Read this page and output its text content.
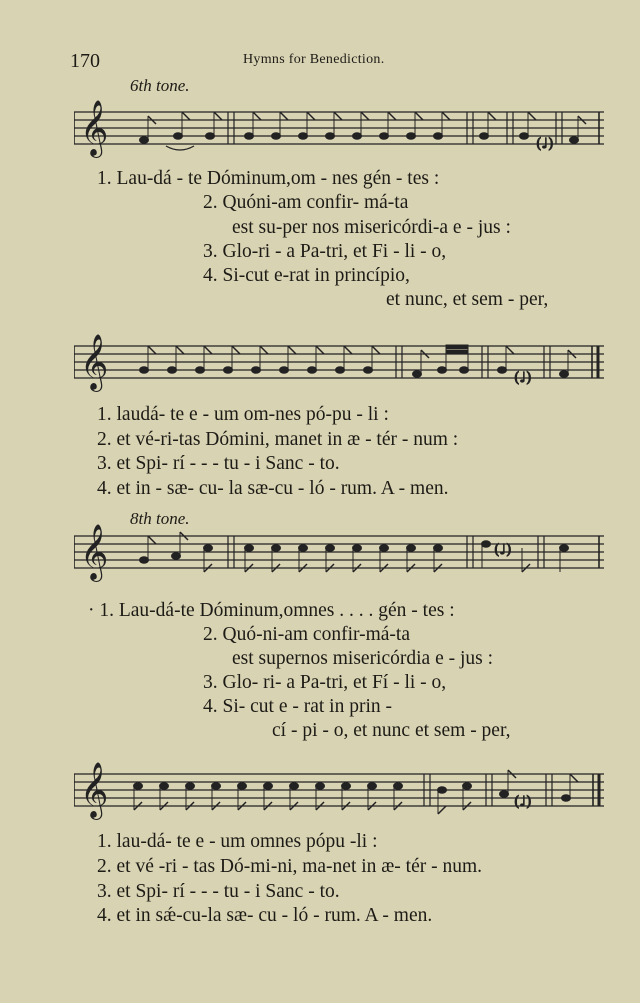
170	Hymns for Benediction.
6th tone.
𝄞	(♩)
1. Lau-dá - te Dóminum,om - nes gén - tes :
2. Quóni-am confir- má-ta
est su-per nos misericórdi-a e - jus :
3. Glo-ri - a Pa-tri, et Fi - li - o,
4. Si-cut e-rat in princípio,
et nunc, et sem - per,
𝄞	(♩)
1. laudá- te e - um om-nes pó-pu - li :
2. et vé-ri-tas Dómini, manet in æ - tér - num :
3. et Spi- rí - - - tu - i Sanc - to.
4. et in - sæ- cu- la sæ-cu - ló - rum. A - men.
8th tone.
𝄞	(♩)
· 1. Lau-dá-te Dóminum,omnes . . . . gén - tes :
2. Quó-ni-am confir-má-ta
est supernos misericórdia e - jus :
3. Glo- ri- a Pa-tri, et Fí - li - o,
4. Si- cut e - rat in prin -
cí - pi - o, et nunc et sem - per,
𝄞	(♩)
1. lau-dá- te e - um omnes pópu -li :
2. et vé -ri - tas Dó-mi-ni, ma-net in æ- tér - num.
3. et Spi- rí - - - tu - i Sanc - to.
4. et in sǽ-cu-la sæ- cu - ló - rum. A - men.
